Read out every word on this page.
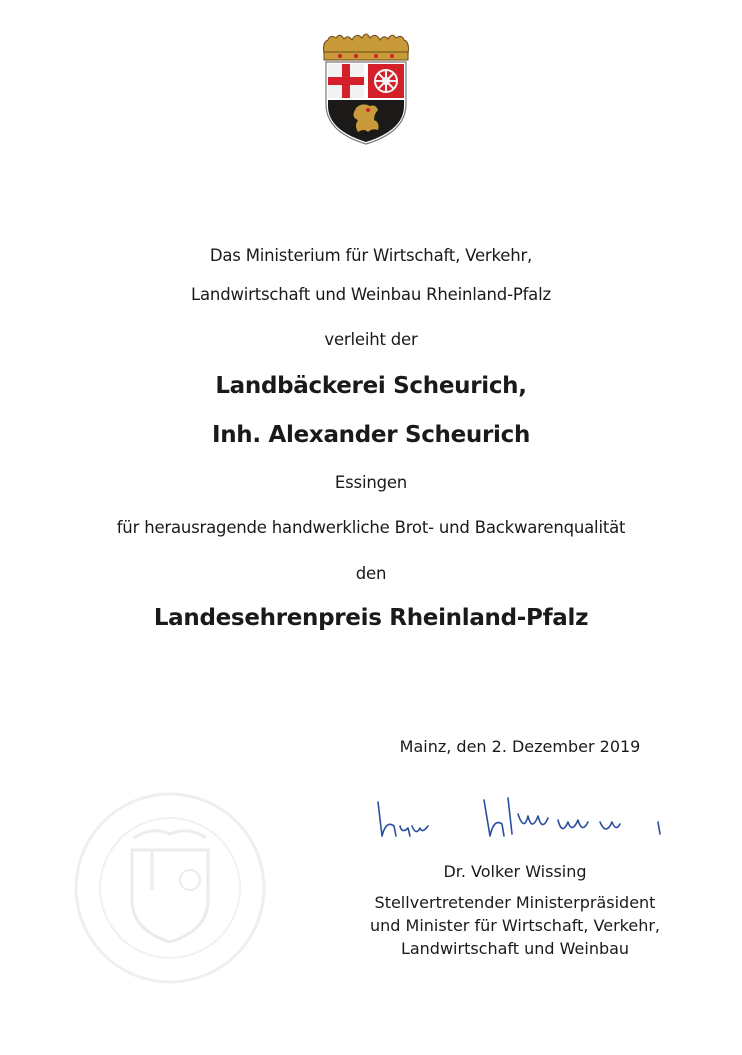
Das Ministerium für Wirtschaft, Verkehr,
Landwirtschaft und Weinbau Rheinland-Pfalz
verleiht der
Landbäckerei Scheurich,
Inh. Alexander Scheurich
Essingen
für herausragende handwerkliche Brot- und Backwarenqualität
den
Landesehrenpreis Rheinland-Pfalz
Mainz, den 2. Dezember 2019
Dr. Volker Wissing
Stellvertretender Ministerpräsident
und Minister für Wirtschaft, Verkehr,
Landwirtschaft und Weinbau
